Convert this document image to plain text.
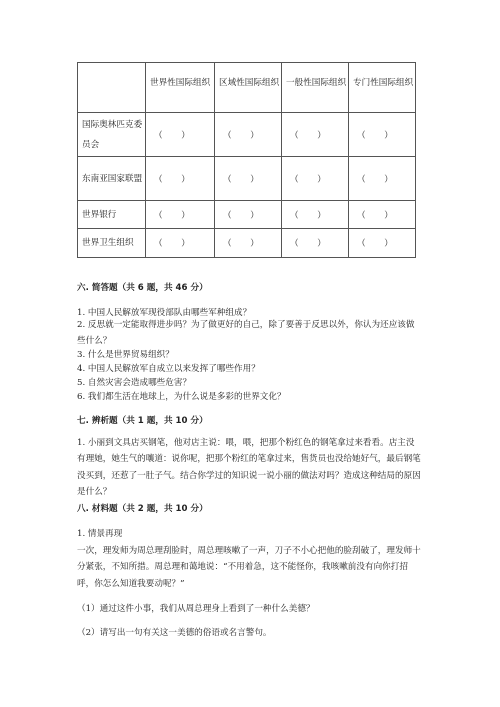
	世界性国际组织	区域性国际组织	一般性国际组织	专门性国际组织
国际奥林匹克委员会	（　　）	（　　）	（　　）	（　　）
东南亚国家联盟	（　　）	（　　）	（　　）	（　　）
世界银行	（　　）	（　　）	（　　）	（　　）
世界卫生组织	（　　）	（　　）	（　　）	（　　）
六. 简答题（共 6 题，共 46 分）
1. 中国人民解放军现役部队由哪些军种组成？
2. 反思就一定能取得进步吗？为了做更好的自己，除了要善于反思以外，你认为还应该做些什么？
3. 什么是世界贸易组织？
4. 中国人民解放军自成立以来发挥了哪些作用？
5. 自然灾害会造成哪些危害？
6. 我们都生活在地球上，为什么说是多彩的世界文化？
七. 辨析题（共 1 题，共 10 分）
1. 小丽到文具店买钢笔，他对店主说：喂，喂，把那个粉红色的钢笔拿过来看看。店主没有理她，她生气的嚷道：说你呢，把那个粉红的笔拿过来，售货员也没给她好气，最后钢笔没买到，还惹了一肚子气。结合你学过的知识说一说小丽的做法对吗？造成这种结局的原因是什么？
八. 材料题（共 2 题，共 10 分）
1. 情景再现
一次，理发师为周总理刮脸时，周总理咳嗽了一声，刀子不小心把他的脸刮破了，理发师十分紧张，不知所措。周总理和蔼地说：“不用着急，这不能怪你，我咳嗽前没有向你打招呼，你怎么知道我要动呢？”
（1）通过这件小事，我们从周总理身上看到了一种什么美德？
（2）请写出一句有关这一美德的俗语或名言警句。
